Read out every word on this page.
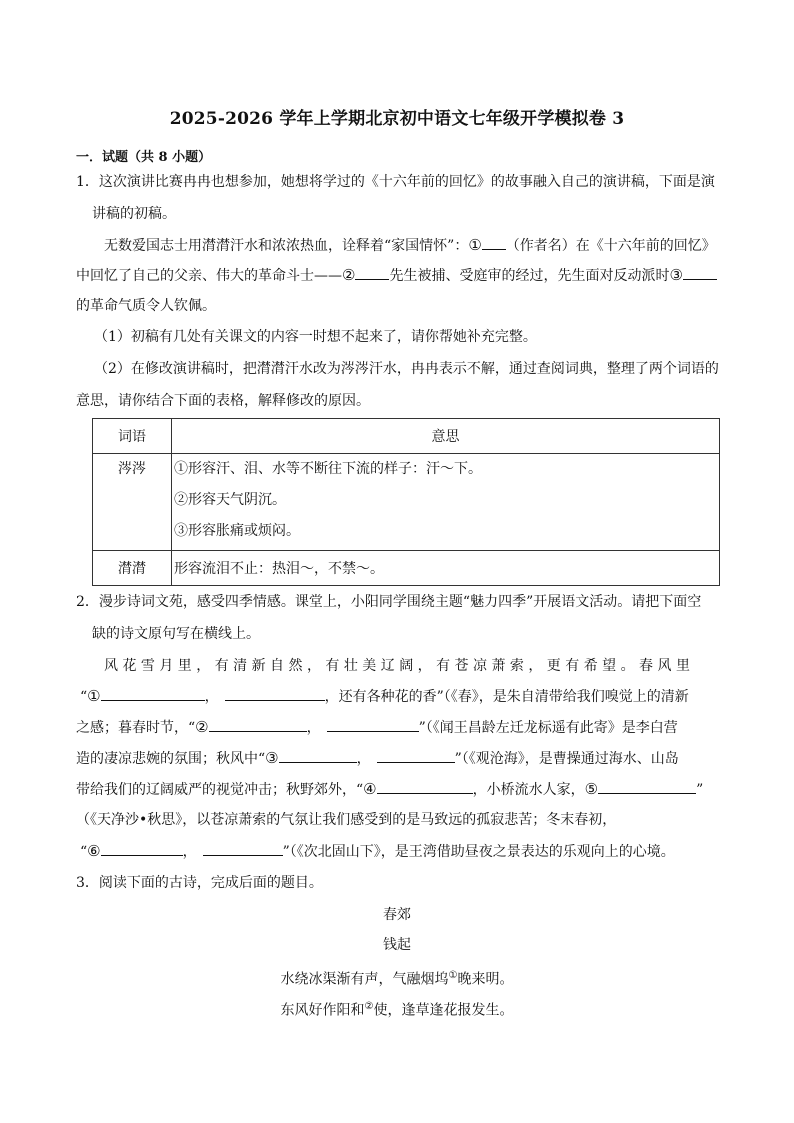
2025-2026 学年上学期北京初中语文七年级开学模拟卷 3
一．试题（共 8 小题）
1．这次演讲比赛冉冉也想参加，她想将学过的《十六年前的回忆》的故事融入自己的演讲稿，下面是演
讲稿的初稿。
无数爱国志士用潸潸汗水和浓浓热血，诠释着“家国情怀”：① （作者名）在《十六年前的回忆》
中回忆了自己的父亲、伟大的革命斗士——② 先生被捕、受庭审的经过，先生面对反动派时③
的革命气质令人钦佩。
（1）初稿有几处有关课文的内容一时想不起来了，请你帮她补充完整。
（2）在修改演讲稿时，把潸潸汗水改为涔涔汗水，冉冉表示不解，通过查阅词典，整理了两个词语的
意思，请你结合下面的表格，解释修改的原因。
词语	意思

涔涔	①形容汗、泪、水等不断往下流的样子：汗～下。
②形容天气阴沉。
③形容胀痛或烦闷。

潸潸	形容流泪不止：热泪～，不禁～。
2．漫步诗词文苑，感受四季情感。课堂上，小阳同学围绕主题“魅力四季”开展语文活动。请把下面空
缺的诗文原句写在横线上。
风 花 雪 月 里 ， 有 清 新 自 然 ， 有 壮 美 辽 阔 ， 有 苍 凉 萧 索 ， 更 有 希 望 。 春 风 里
“①	，	，还有各种花的香”（《春》，是朱自清带给我们嗅觉上的清新
之感；暮春时节，“②	，	”（《闻王昌龄左迁龙标遥有此寄》是李白营
造的凄凉悲婉的氛围；秋风中“③	，	”（《观沧海》，是曹操通过海水、山岛
带给我们的辽阔威严的视觉冲击；秋野郊外，“④	，小桥流水人家，⑤	”
（《天净沙•秋思》，以苍凉萧索的气氛让我们感受到的是马致远的孤寂悲苦；冬末春初，
“⑥	，	”（《次北固山下》，是王湾借助昼夜之景表达的乐观向上的心境。
3．阅读下面的古诗，完成后面的题目。
春郊
钱起
水绕冰渠渐有声，气融烟坞①晚来明。
东风好作阳和②使，逢草逢花报发生。
